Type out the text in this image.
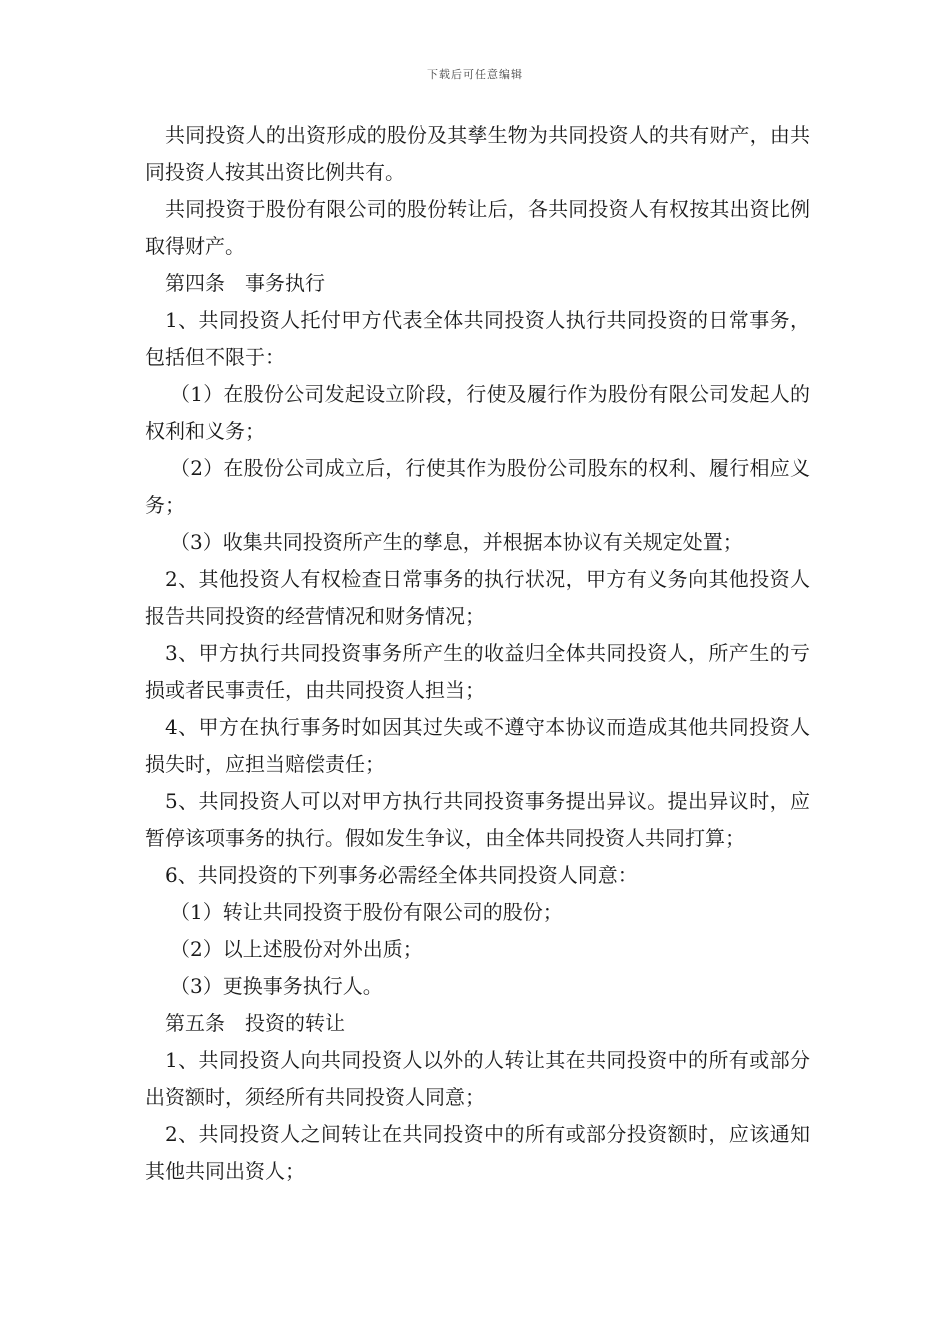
下载后可任意编辑

共同投资人的出资形成的股份及其孳生物为共同投资人的共有财产，由共同投资人按其出资比例共有。

共同投资于股份有限公司的股份转让后，各共同投资人有权按其出资比例取得财产。

第四条　事务执行

1、共同投资人托付甲方代表全体共同投资人执行共同投资的日常事务，包括但不限于：

（1）在股份公司发起设立阶段，行使及履行作为股份有限公司发起人的权利和义务；

（2）在股份公司成立后，行使其作为股份公司股东的权利、履行相应义务；

（3）收集共同投资所产生的孳息，并根据本协议有关规定处置；

2、其他投资人有权检查日常事务的执行状况，甲方有义务向其他投资人报告共同投资的经营情况和财务情况；

3、甲方执行共同投资事务所产生的收益归全体共同投资人，所产生的亏损或者民事责任，由共同投资人担当；

4、甲方在执行事务时如因其过失或不遵守本协议而造成其他共同投资人损失时，应担当赔偿责任；

5、共同投资人可以对甲方执行共同投资事务提出异议。提出异议时，应暂停该项事务的执行。假如发生争议，由全体共同投资人共同打算；

6、共同投资的下列事务必需经全体共同投资人同意：

（1）转让共同投资于股份有限公司的股份；

（2）以上述股份对外出质；

（3）更换事务执行人。

第五条　投资的转让

1、共同投资人向共同投资人以外的人转让其在共同投资中的所有或部分出资额时，须经所有共同投资人同意；

2、共同投资人之间转让在共同投资中的所有或部分投资额时，应该通知其他共同出资人；
